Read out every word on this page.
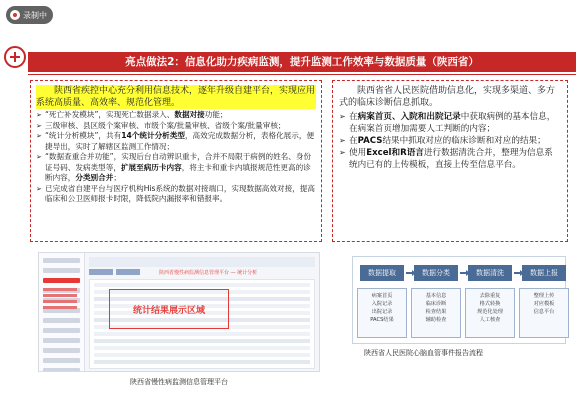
录制中
亮点做法2：信息化助力疾病监测，提升监测工作效率与数据质量（陕西省）

陕西省疾控中心充分利用信息技术，逐年升级自建平台，实现应用系统高质量、高效率、规范化管理。

➢ “死亡补发模块”，实现死亡数据录入、数据对接功能；
➢ 三级审核、县区级个案审核、市级个案/批量审核、省级个案/批量审核；
➢ “统计分析模块”，共有14个统计分析类型，高效完成数据分析，表格化展示，便捷导出，实时了解辖区监测工作情况；
➢ “数据查重合并功能”，实现后台自动辨识重卡，合并不局限于病例的姓名、身份证号码、发病类型等，扩展至病历卡内容，将主卡和重卡内填报规范性更高的诊断内容，分类别合并；
➢ 已完成省自建平台与医疗机构His系统的数据对接端口，实现数据高效对接，提高临床和公卫医师报卡时限，降低院内漏报率和错报率。

陕西省省人民医院借助信息化，实现多渠道、多方式的临床诊断信息抓取。

➢ 在病案首页、入院和出院记录中获取病例的基本信息，在病案首页增加需要人工判断的内容；
➢ 在PACS结果中抓取对应的临床诊断和对应的结果；
➢ 使用Excel和R语言进行数据清洗合并，整理为信息系统内已有的上传模板，直接上传至信息平台。
陕西省慢性病监测信息管理平台 — 统计分析
统计结果展示区域
陕西省慢性病监测信息管理平台
数据提取	数据分类	数据清洗	数据上报
病案首页
入院记录
出院记录
PACS结果
基本信息
临床诊断
检查结果
辅助检查
去除重复
格式转换
规范化处理
人工核查
整理上传
对应模板
信息平台
陕西省人民医院心脑血管事件报告流程
